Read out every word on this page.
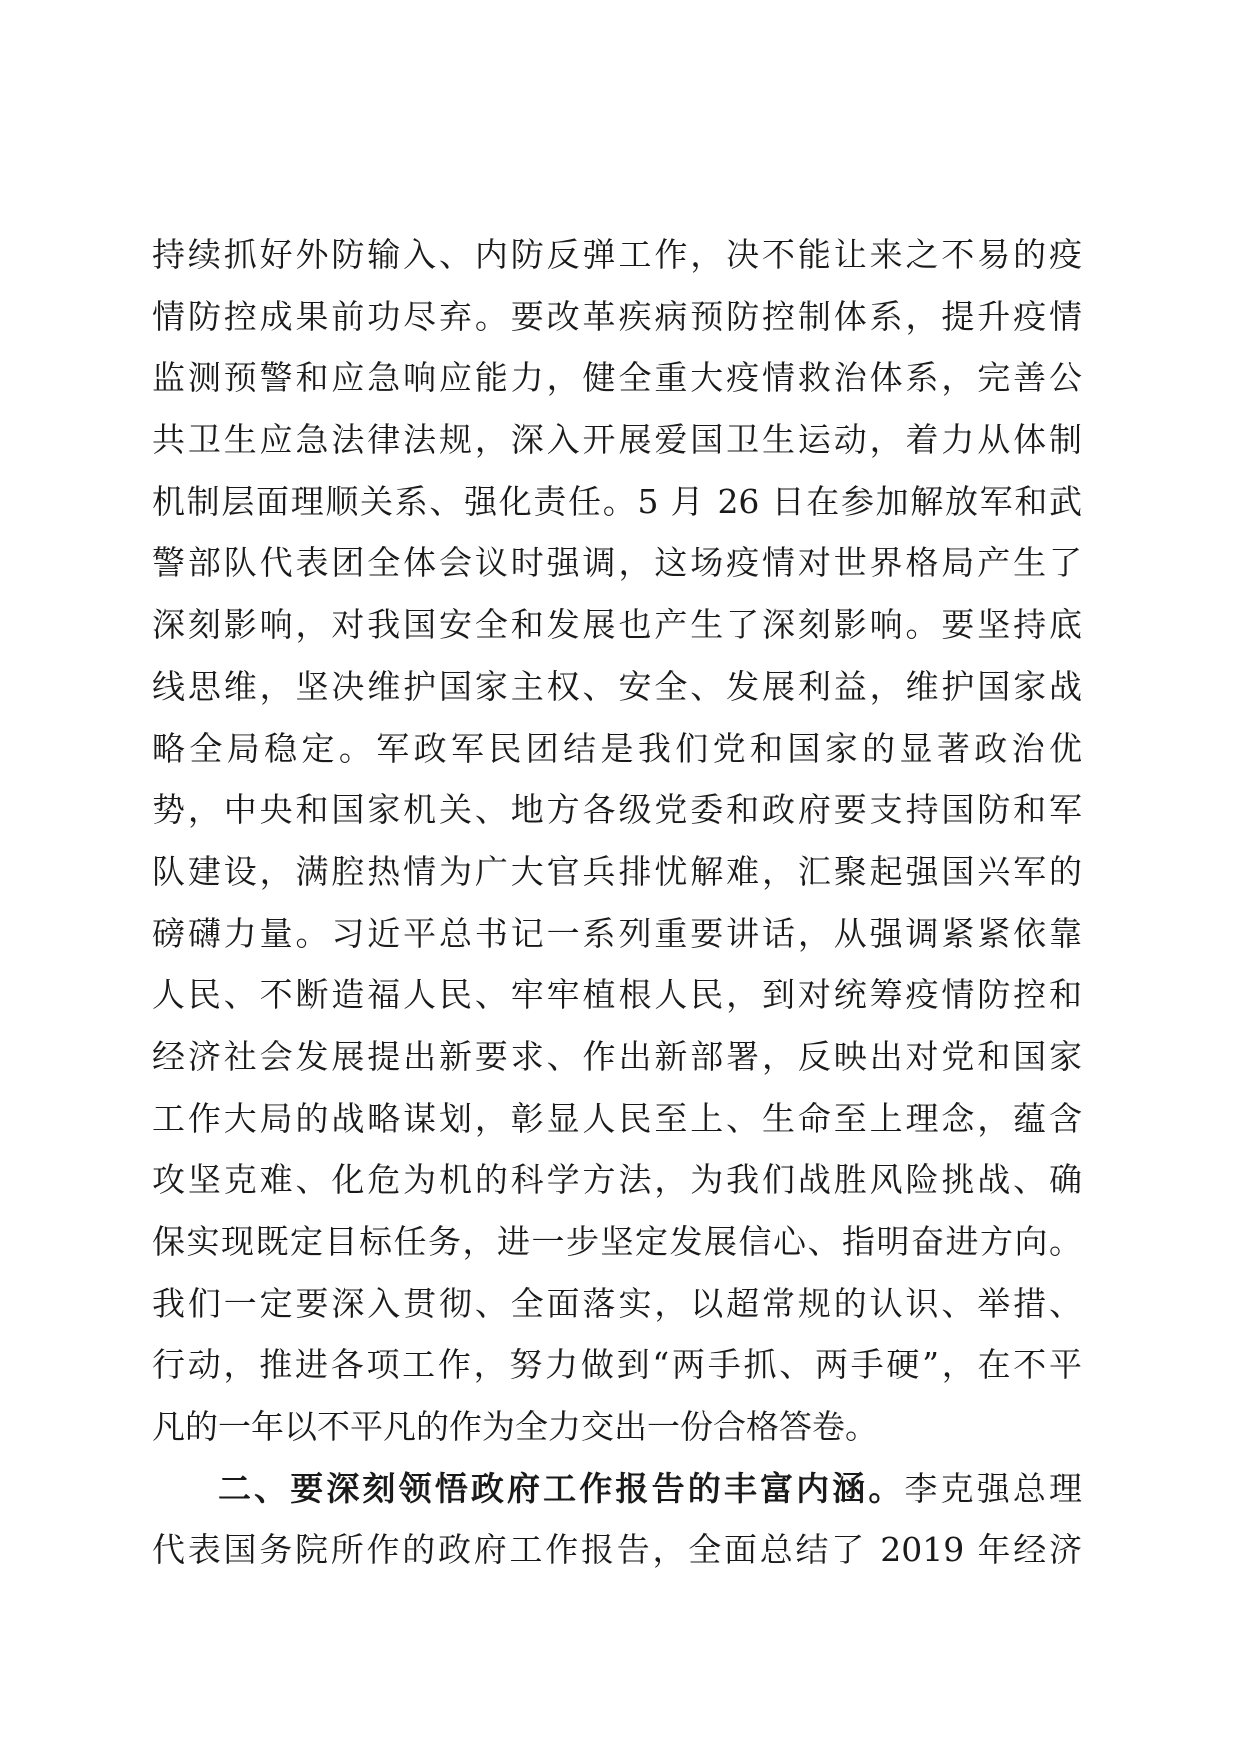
持续抓好外防输入、内防反弹工作，决不能让来之不易的疫
情防控成果前功尽弃。要改革疾病预防控制体系，提升疫情
监测预警和应急响应能力，健全重大疫情救治体系，完善公
共卫生应急法律法规，深入开展爱国卫生运动，着力从体制
机制层面理顺关系、强化责任。5 月 26 日在参加解放军和武
警部队代表团全体会议时强调，这场疫情对世界格局产生了
深刻影响，对我国安全和发展也产生了深刻影响。要坚持底
线思维，坚决维护国家主权、安全、发展利益，维护国家战
略全局稳定。军政军民团结是我们党和国家的显著政治优
势，中央和国家机关、地方各级党委和政府要支持国防和军
队建设，满腔热情为广大官兵排忧解难，汇聚起强国兴军的
磅礴力量。习近平总书记一系列重要讲话，从强调紧紧依靠
人民、不断造福人民、牢牢植根人民，到对统筹疫情防控和
经济社会发展提出新要求、作出新部署，反映出对党和国家
工作大局的战略谋划，彰显人民至上、生命至上理念，蕴含
攻坚克难、化危为机的科学方法，为我们战胜风险挑战、确
保实现既定目标任务，进一步坚定发展信心、指明奋进方向。
我们一定要深入贯彻、全面落实，以超常规的认识、举措、
行动，推进各项工作，努力做到“两手抓、两手硬”，在不平
凡的一年以不平凡的作为全力交出一份合格答卷。
二、要深刻领悟政府工作报告的丰富内涵。李克强总理
代表国务院所作的政府工作报告，全面总结了 2019 年经济
